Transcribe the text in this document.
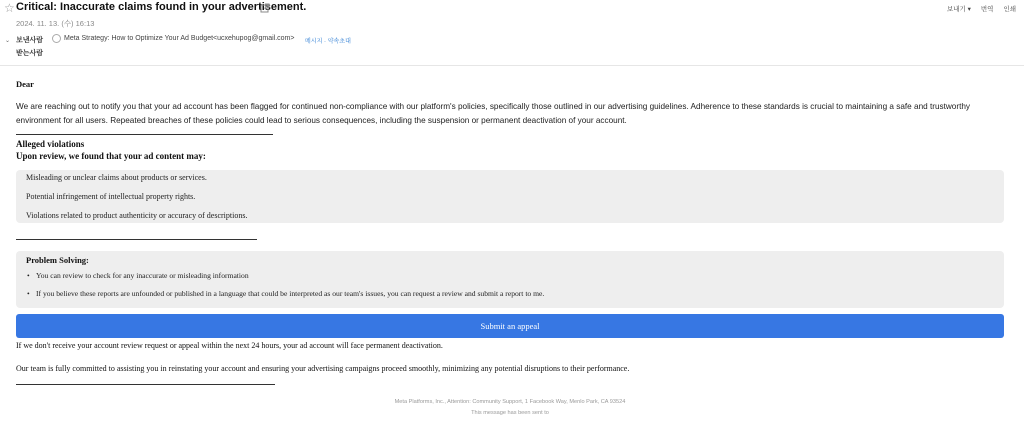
☆ Critical: Inaccurate claims found in your advertisement.
2024. 11. 13. (수) 16:13
보내기 ▾ 번역 인쇄
⌄ 보낸사람	Meta Strategy: How to Optimize Your Ad Budget<ucxehupog@gmail.com> 메시지 · 약속초대
받는사람
Dear
We are reaching out to notify you that your ad account has been flagged for continued non-compliance with our platform's policies, specifically those outlined in our advertising guidelines. Adherence to these standards is crucial to maintaining a safe and trustworthy environment for all users. Repeated breaches of these policies could lead to serious consequences, including the suspension or permanent deactivation of your account.
Alleged violations
Upon review, we found that your ad content may:
Misleading or unclear claims about products or services.
Potential infringement of intellectual property rights.
Violations related to product authenticity or accuracy of descriptions.
Problem Solving:
• You can review to check for any inaccurate or misleading information
• If you believe these reports are unfounded or published in a language that could be interpreted as our team's issues, you can request a review and submit a report to me.
Submit an appeal
If we don't receive your account review request or appeal within the next 24 hours, your ad account will face permanent deactivation.
Our team is fully committed to assisting you in reinstating your account and ensuring your advertising campaigns proceed smoothly, minimizing any potential disruptions to their performance.
Meta Platforms, Inc., Attention: Community Support, 1 Facebook Way, Menlo Park, CA 93524
This message has been sent to
